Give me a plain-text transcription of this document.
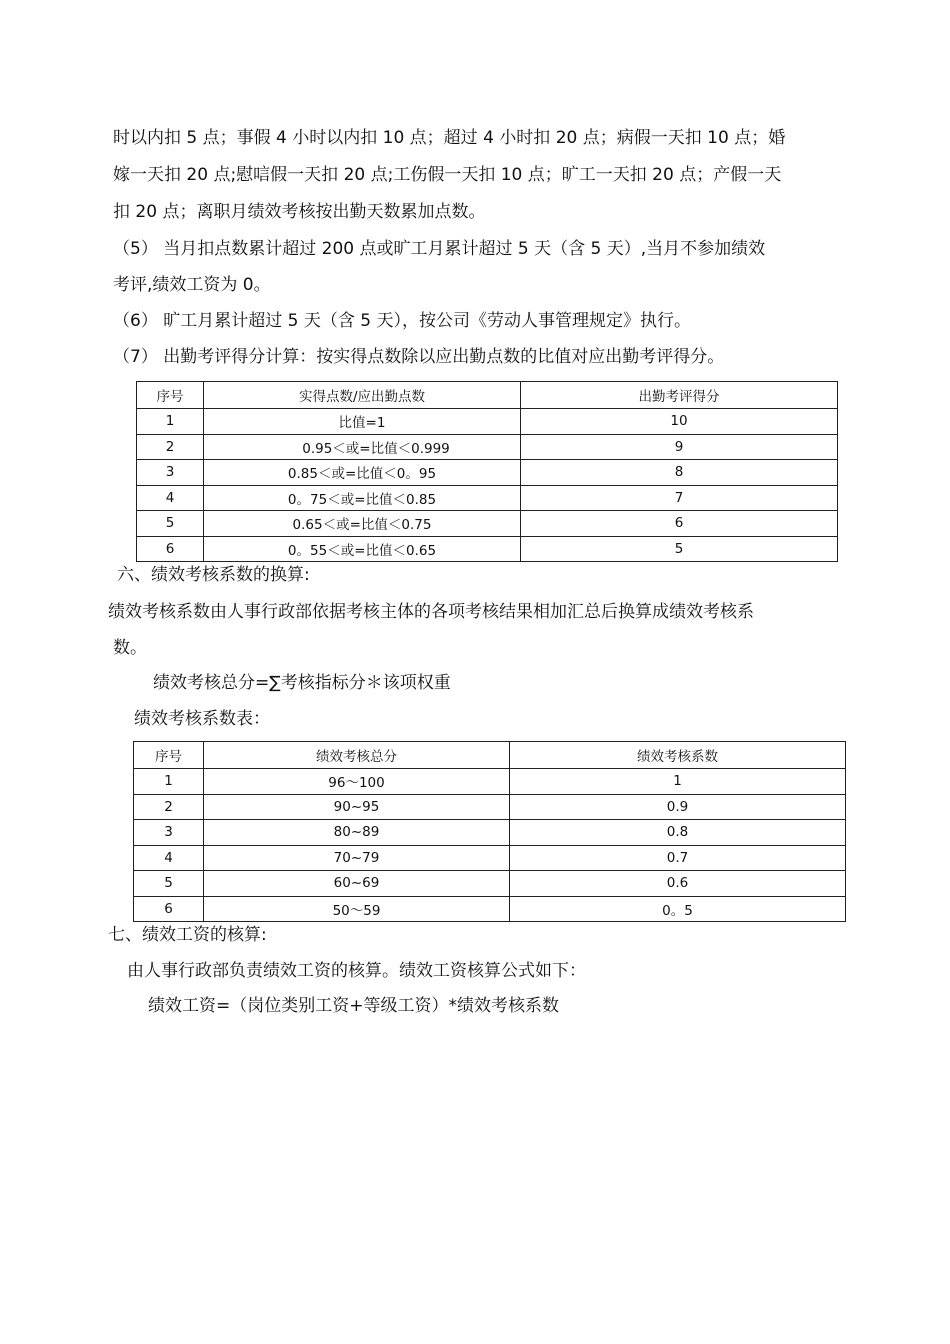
时以内扣 5 点；事假 4 小时以内扣 10 点；超过 4 小时扣 20 点；病假一天扣 10 点；婚
嫁一天扣 20 点;慰唁假一天扣 20 点;工伤假一天扣 10 点；旷工一天扣 20 点；产假一天
扣 20 点；离职月绩效考核按出勤天数累加点数。
（5） 当月扣点数累计超过 200 点或旷工月累计超过 5 天（含 5 天）,当月不参加绩效
考评,绩效工资为 0。
（6） 旷工月累计超过 5 天（含 5 天），按公司《劳动人事管理规定》执行。
（7） 出勤考评得分计算：按实得点数除以应出勤点数的比值对应出勤考评得分。
序号	实得点数/应出勤点数	出勤考评得分
1	比值=1	10
2	0.95＜或=比值＜0.999	9
3	0.85＜或=比值＜0。95	8
4	0。75＜或=比值＜0.85	7
5	0.65＜或=比值＜0.75	6
6	0。55＜或=比值＜0.65	5
六、绩效考核系数的换算:
绩效考核系数由人事行政部依据考核主体的各项考核结果相加汇总后换算成绩效考核系
数。
绩效考核总分=∑考核指标分＊该项权重
绩效考核系数表：
序号	绩效考核总分	绩效考核系数
1	96～100	1
2	90~95	0.9
3	80~89	0.8
4	70~79	0.7
5	60~69	0.6
6	50～59	0。5
七、绩效工资的核算:
由人事行政部负责绩效工资的核算。绩效工资核算公式如下：
绩效工资=（岗位类别工资+等级工资）*绩效考核系数
